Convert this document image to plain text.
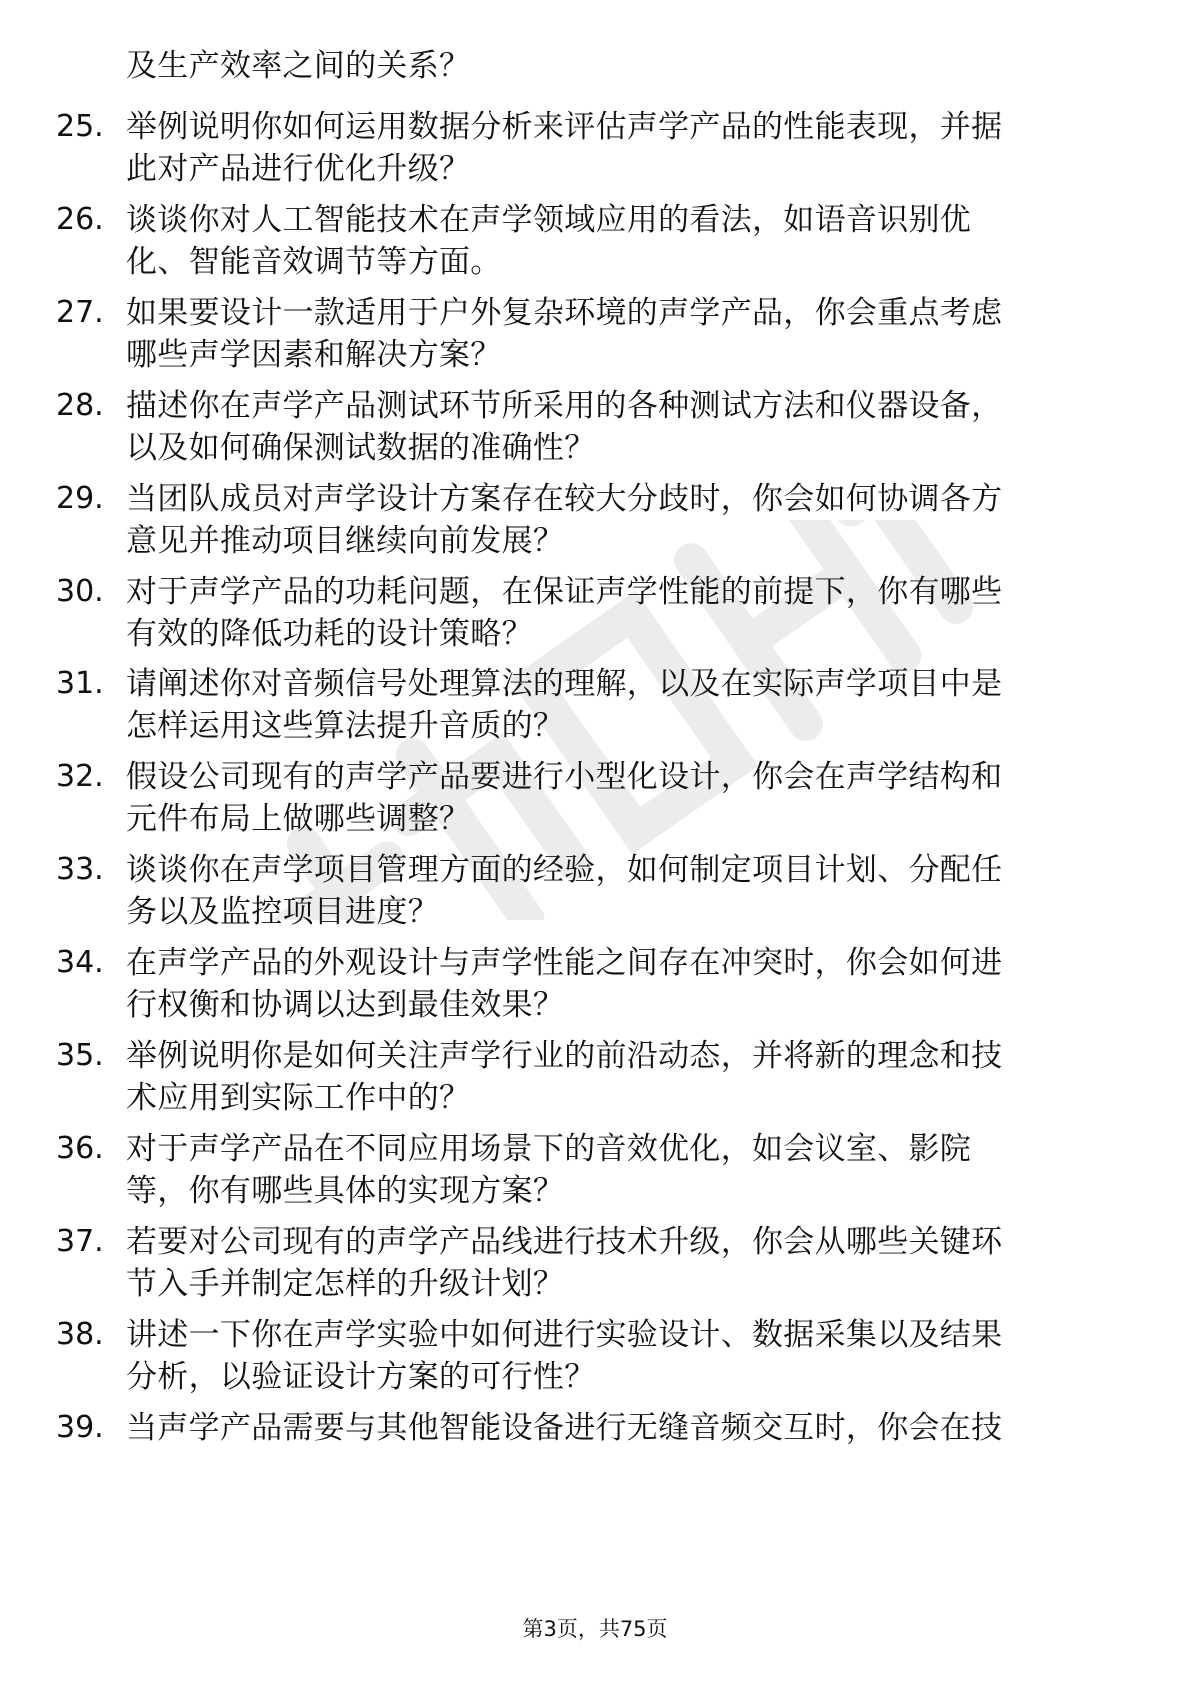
及生产效率之间的关系？
25. 举例说明你如何运用数据分析来评估声学产品的性能表现，并据
此对产品进行优化升级？
26. 谈谈你对人工智能技术在声学领域应用的看法，如语音识别优
化、智能音效调节等方面。
27. 如果要设计一款适用于户外复杂环境的声学产品，你会重点考虑
哪些声学因素和解决方案？
28. 描述你在声学产品测试环节所采用的各种测试方法和仪器设备，
以及如何确保测试数据的准确性？
29. 当团队成员对声学设计方案存在较大分歧时，你会如何协调各方
意见并推动项目继续向前发展？
30. 对于声学产品的功耗问题，在保证声学性能的前提下，你有哪些
有效的降低功耗的设计策略？
31. 请阐述你对音频信号处理算法的理解，以及在实际声学项目中是
怎样运用这些算法提升音质的？
32. 假设公司现有的声学产品要进行小型化设计，你会在声学结构和
元件布局上做哪些调整？
33. 谈谈你在声学项目管理方面的经验，如何制定项目计划、分配任
务以及监控项目进度？
34. 在声学产品的外观设计与声学性能之间存在冲突时，你会如何进
行权衡和协调以达到最佳效果？
35. 举例说明你是如何关注声学行业的前沿动态，并将新的理念和技
术应用到实际工作中的？
36. 对于声学产品在不同应用场景下的音效优化，如会议室、影院
等，你有哪些具体的实现方案？
37. 若要对公司现有的声学产品线进行技术升级，你会从哪些关键环
节入手并制定怎样的升级计划？
38. 讲述一下你在声学实验中如何进行实验设计、数据采集以及结果
分析，以验证设计方案的可行性？
39. 当声学产品需要与其他智能设备进行无缝音频交互时，你会在技
第3页，共75页
